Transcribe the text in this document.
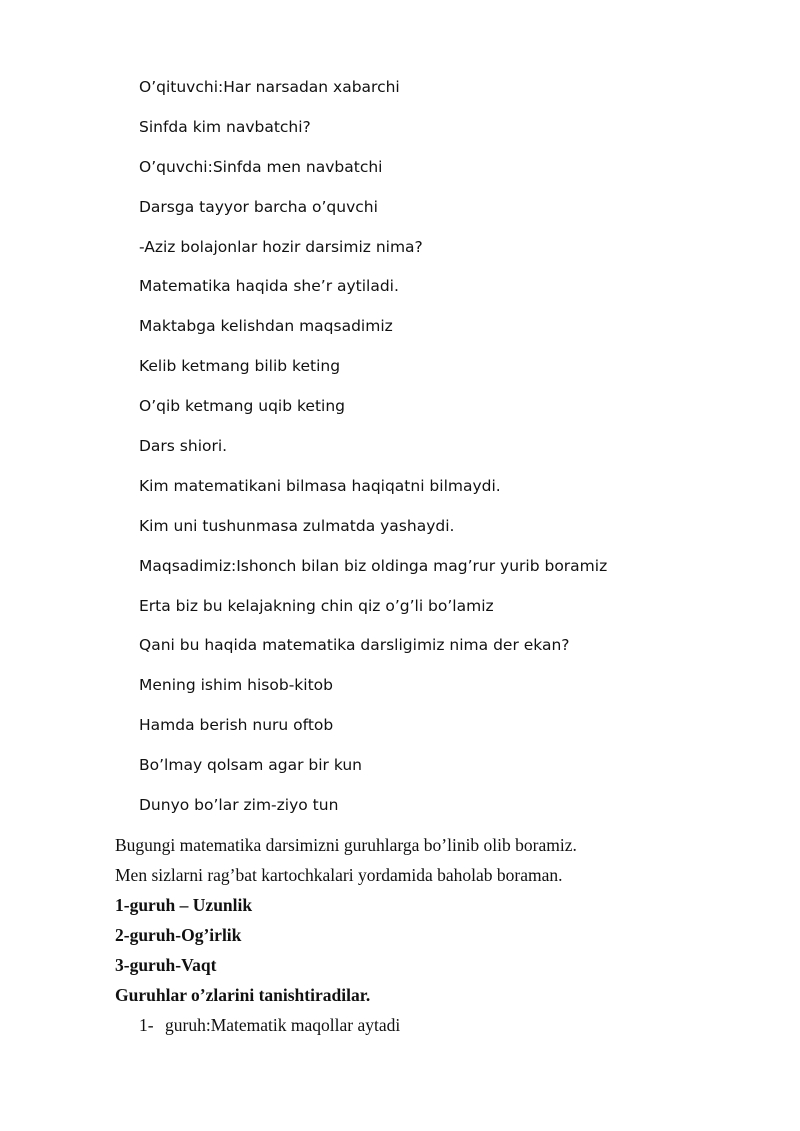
O’qituvchi:Har narsadan xabarchi
Sinfda kim navbatchi?
O’quvchi:Sinfda men navbatchi
Darsga tayyor barcha o’quvchi
-Aziz bolajonlar hozir darsimiz nima?
Matematika haqida she’r aytiladi.
Maktabga kelishdan maqsadimiz
Kelib ketmang bilib keting
O’qib ketmang uqib keting
Dars shiori.
Kim matematikani bilmasa haqiqatni bilmaydi.
Kim uni tushunmasa zulmatda yashaydi.
Maqsadimiz:Ishonch bilan biz oldinga mag’rur yurib boramiz
Erta biz bu kelajakning chin qiz o’g’li bo’lamiz
Qani bu haqida matematika darsligimiz nima der ekan?
Mening ishim hisob-kitob
Hamda berish nuru oftob
Bo’lmay qolsam agar bir kun
Dunyo bo’lar zim-ziyo tun

Bugungi matematika darsimizni guruhlarga bo’linib olib boramiz.

Men sizlarni rag’bat kartochkalari yordamida baholab boraman.

1-guruh – Uzunlik

2-guruh-Og’irlik

3-guruh-Vaqt

Guruhlar o’zlarini tanishtiradilar.

1- guruh:Matematik maqollar aytadi
